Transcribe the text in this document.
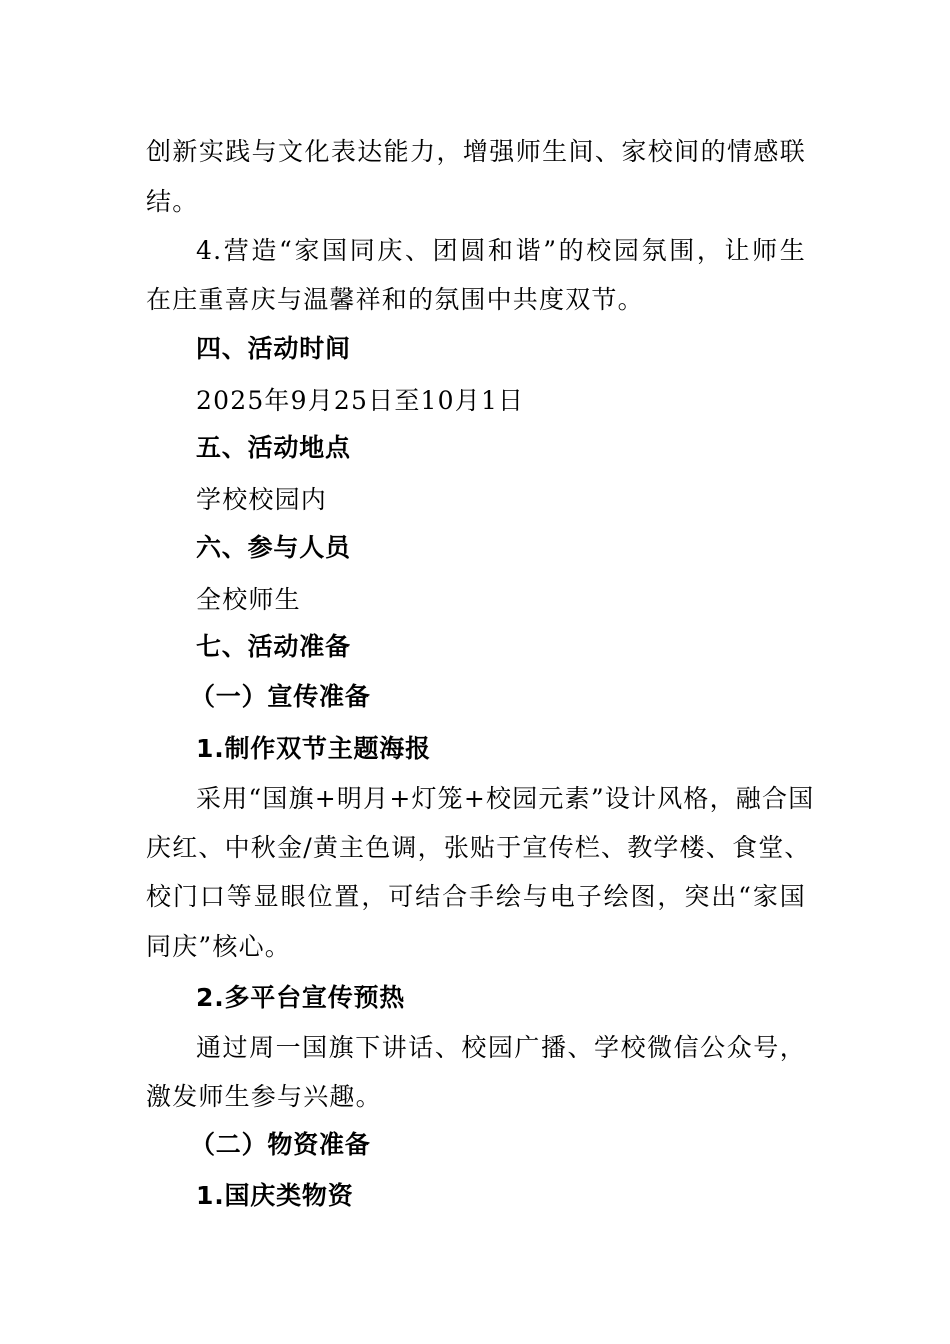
创新实践与文化表达能力，增强师生间、家校间的情感联
结。
4.营造“家国同庆、团圆和谐”的校园氛围，让师生
在庄重喜庆与温馨祥和的氛围中共度双节。
四、活动时间
2025年9月25日至10月1日
五、活动地点
学校校园内
六、参与人员
全校师生
七、活动准备
（一）宣传准备
1.制作双节主题海报
采用“国旗+明月+灯笼+校园元素”设计风格，融合国
庆红、中秋金/黄主色调，张贴于宣传栏、教学楼、食堂、
校门口等显眼位置，可结合手绘与电子绘图，突出“家国
同庆”核心。
2.多平台宣传预热
通过周一国旗下讲话、校园广播、学校微信公众号，
激发师生参与兴趣。
（二）物资准备
1.国庆类物资
